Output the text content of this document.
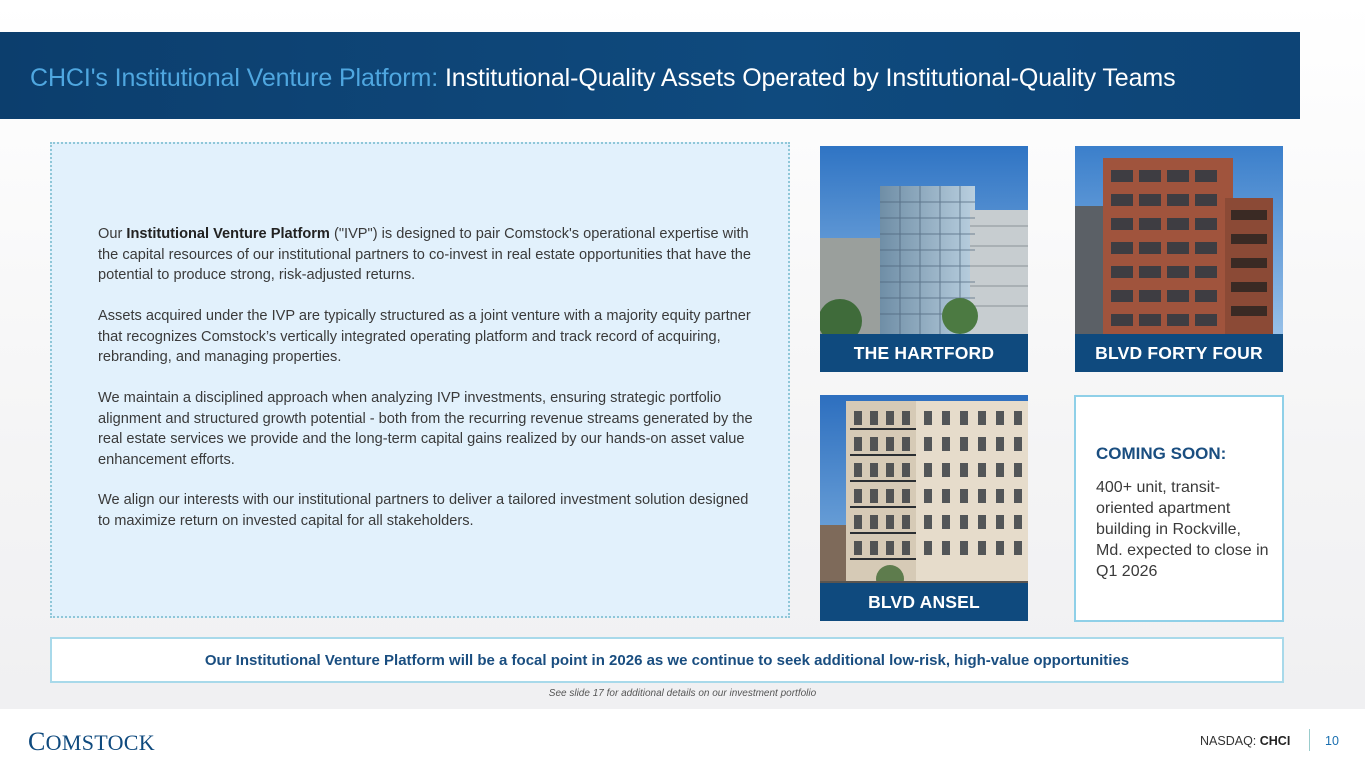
CHCI's Institutional Venture Platform: Institutional-Quality Assets Operated by Institutional-Quality Teams
Our Institutional Venture Platform ("IVP") is designed to pair Comstock's operational expertise with the capital resources of our institutional partners to co-invest in real estate opportunities that have the potential to produce strong, risk-adjusted returns.
Assets acquired under the IVP are typically structured as a joint venture with a majority equity partner that recognizes Comstock’s vertically integrated operating platform and track record of acquiring, rebranding, and managing properties.
We maintain a disciplined approach when analyzing IVP investments, ensuring strategic portfolio alignment and structured growth potential - both from the recurring revenue streams generated by the real estate services we provide and the long-term capital gains realized by our hands-on asset value enhancement efforts.
We align our interests with our institutional partners to deliver a tailored investment solution designed to maximize return on invested capital for all stakeholders.
THE HARTFORD	BLVD FORTY FOUR
BLVD ANSEL
COMING SOON:
400+ unit, transit-oriented apartment building in Rockville, Md. expected to close in Q1 2026
Our Institutional Venture Platform will be a focal point in 2026 as we continue to seek additional low-risk, high-value opportunities
See slide 17 for additional details on our investment portfolio
COMSTOCK	NASDAQ: CHCI	10
